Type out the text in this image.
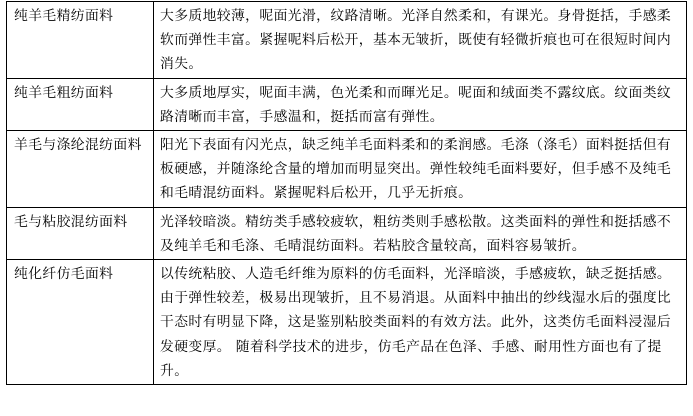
纯羊毛精纺面料	大多质地较薄，呢面光滑，纹路清晰。光泽自然柔和，有课光。身骨挺括，手感柔软而弹性丰富。紧握呢料后松开，基本无皱折，既使有轻微折痕也可在很短时间内消失。
纯羊毛粗纺面料	大多质地厚实，呢面丰满，色光柔和而暉光足。呢面和绒面类不露纹底。纹面类纹路清晰而丰富，手感温和，挺括而富有弹性。
羊毛与涤纶混纺面料	阳光下表面有闪光点，缺乏纯羊毛面料柔和的柔润感。毛涤（涤毛）面料挺括但有板硬感，并随涤纶含量的增加而明显突出。弹性较纯毛面料要好，但手感不及纯毛和毛晴混纺面料。紧握呢料后松开，几乎无折痕。
毛与粘胶混纺面料	光泽较暗淡。精纺类手感较疲软，粗纺类则手感松散。这类面料的弹性和挺括感不及纯羊毛和毛涤、毛晴混纺面料。若粘胶含量较高，面料容易皱折。
纯化纤仿毛面料	以传统粘胶、人造毛纤维为原料的仿毛面料，光泽暗淡，手感疲软，缺乏挺括感。由于弹性较差，极易出现皱折，且不易消退。从面料中抽出的纱线湿水后的强度比干态时有明显下降，这是鉴别粘胶类面料的有效方法。此外，这类仿毛面料浸湿后发硬变厚。 随着科学技术的进步，仿毛产品在色泽、手感、耐用性方面也有了提升。
